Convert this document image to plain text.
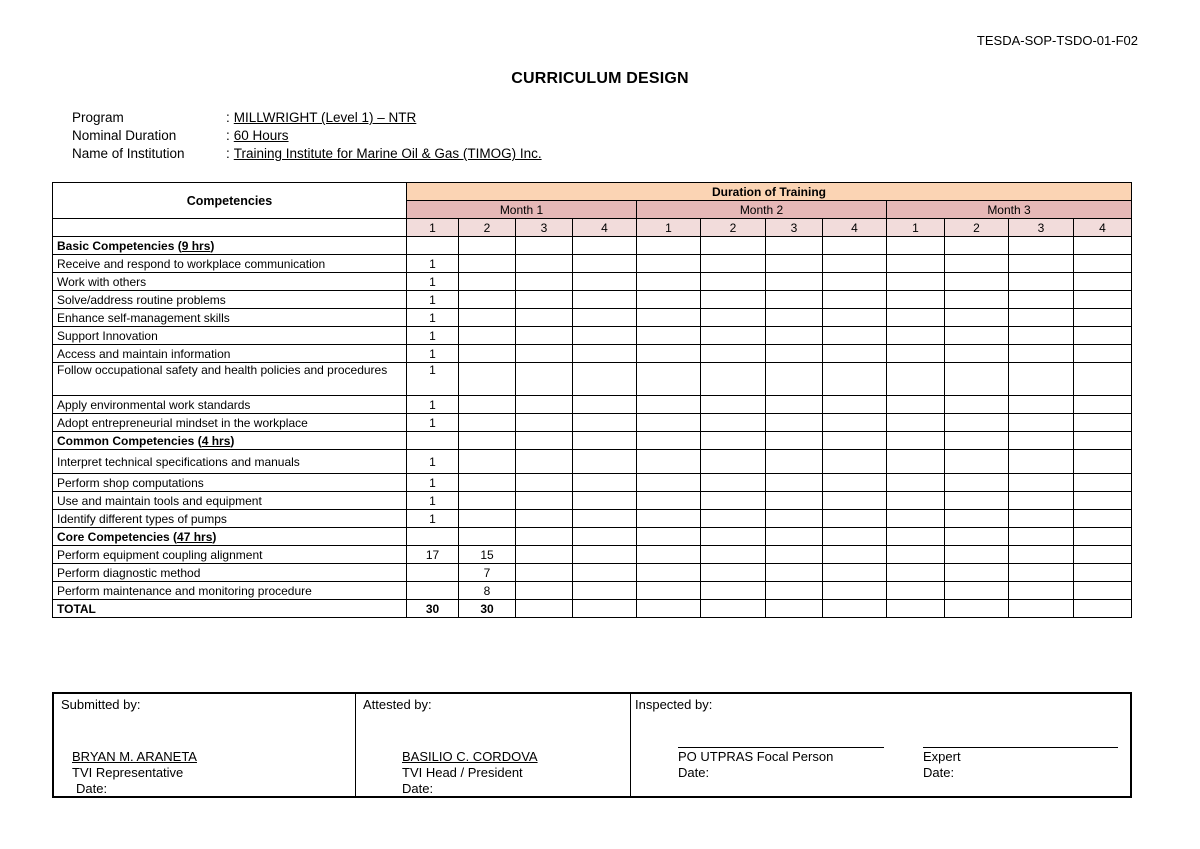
TESDA-SOP-TSDO-01-F02
CURRICULUM DESIGN
Program	: MILLWRIGHT (Level 1) – NTR
Nominal Duration	: 60 Hours
Name of Institution	: Training Institute for Marine Oil & Gas (TIMOG) Inc.
Competencies	Duration of Training											
	Month 1				Month 2				Month 3			
	1	2	3	4	1	2	3	4	1	2	3	4
Basic Competencies (9 hrs)												
Receive and respond to workplace communication	1											
Work with others	1											
Solve/address routine problems	1											
Enhance self-management skills	1											
Support Innovation	1											
Access and maintain information	1											
Follow occupational safety and health policies and procedures	1											
Apply environmental work standards	1											
Adopt entrepreneurial mindset in the workplace	1											
Common Competencies (4 hrs)												
Interpret technical specifications and manuals	1											
Perform shop computations	1											
Use and maintain tools and equipment	1											
Identify different types of pumps	1											
Core Competencies (47 hrs)												
Perform equipment coupling alignment	17	15										
Perform diagnostic method		7										
Perform maintenance and monitoring procedure		8										
TOTAL	30	30										
Submitted by:
BRYAN M. ARANETA
TVI Representative
Date:
Attested by:
BASILIO C. CORDOVA
TVI Head / President
Date:
Inspected by:
PO UTPRAS Focal Person
Date:
Expert
Date:
